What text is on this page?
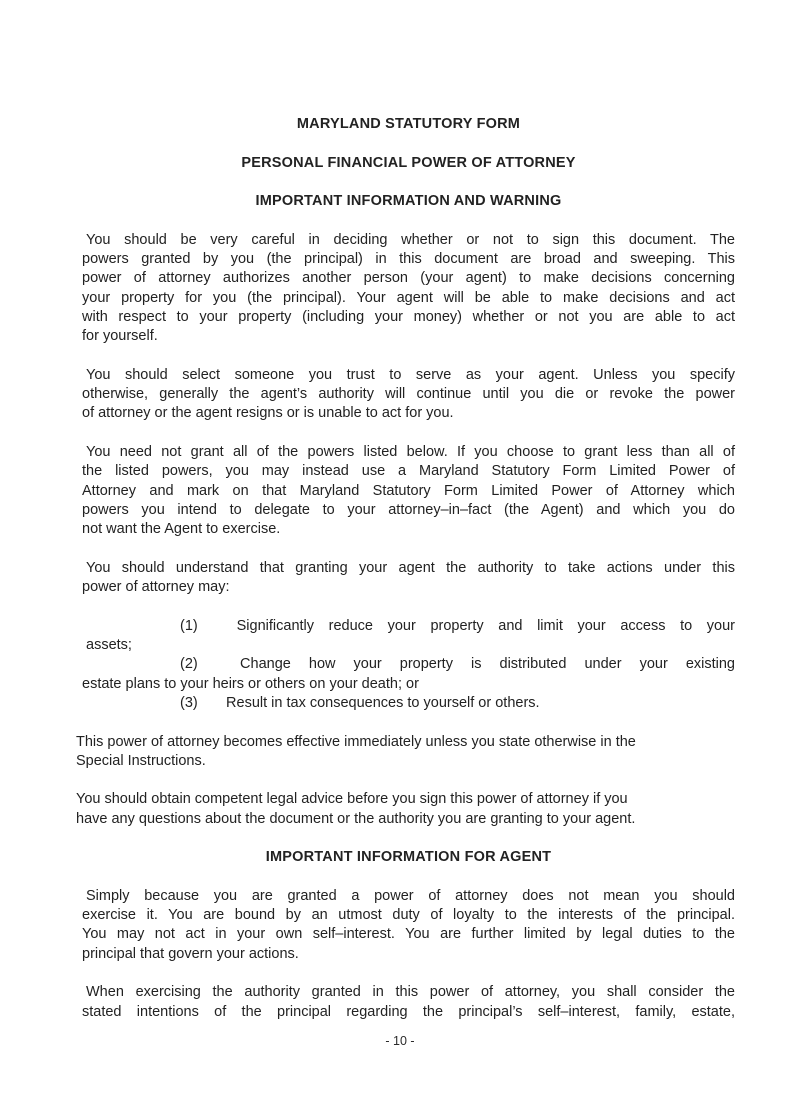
MARYLAND STATUTORY FORM
PERSONAL FINANCIAL POWER OF ATTORNEY
IMPORTANT INFORMATION AND WARNING
You should be very careful in deciding whether or not to sign this document. The
powers granted by you (the principal) in this document are broad and sweeping. This
power of attorney authorizes another person (your agent) to make decisions concerning
your property for you (the principal). Your agent will be able to make decisions and act
with respect to your property (including your money) whether or not you are able to act
for yourself.
You should select someone you trust to serve as your agent. Unless you specify
otherwise, generally the agent’s authority will continue until you die or revoke the power
of attorney or the agent resigns or is unable to act for you.
You need not grant all of the powers listed below. If you choose to grant less than all of
the listed powers, you may instead use a Maryland Statutory Form Limited Power of
Attorney and mark on that Maryland Statutory Form Limited Power of Attorney which
powers you intend to delegate to your attorney–in–fact (the Agent) and which you do
not want the Agent to exercise.
You should understand that granting your agent the authority to take actions under this
power of attorney may:
(1)	Significantly reduce your property and limit your access to your
assets;
(2)	Change how your property is distributed under your existing
estate plans to your heirs or others on your death; or
(3) Result in tax consequences to yourself or others.
This power of attorney becomes effective immediately unless you state otherwise in the
Special Instructions.
You should obtain competent legal advice before you sign this power of attorney if you
have any questions about the document or the authority you are granting to your agent.
IMPORTANT INFORMATION FOR AGENT
Simply because you are granted a power of attorney does not mean you should
exercise it. You are bound by an utmost duty of loyalty to the interests of the principal.
You may not act in your own self–interest. You are further limited by legal duties to the
principal that govern your actions.
When exercising the authority granted in this power of attorney, you shall consider the
stated intentions of the principal regarding the principal’s self–interest, family, estate,
- 10 -
